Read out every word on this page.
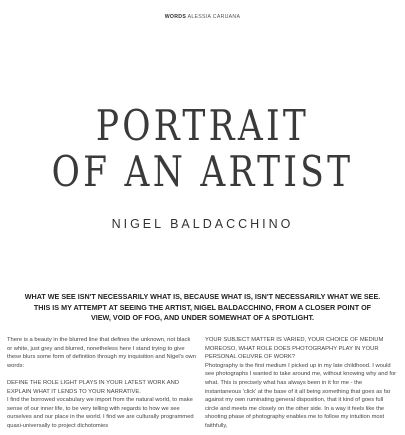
WORDS ALESSIA CARUANA
PORTRAIT
OF AN ARTIST
NIGEL BALDACCHINO
WHAT WE SEE ISN'T NECESSARILY WHAT IS, BECAUSE WHAT IS, ISN'T NECESSARILY WHAT WE SEE. THIS IS MY ATTEMPT AT SEEING THE ARTIST, NIGEL BALDACCHINO, FROM A CLOSER POINT OF VIEW, VOID OF FOG, AND UNDER SOMEWHAT OF A SPOTLIGHT.

There is a beauty in the blurred line that defines the unknown, not black or white, just grey and blurred, nonetheless here I stand trying to give these blurs some form of definition through my inquisition and Nigel's own words:

DEFINE THE ROLE LIGHT PLAYS IN YOUR LATEST WORK AND EXPLAIN WHAT IT LENDS TO YOUR NARRATIVE.
I find the borrowed vocabulary we import from the natural world, to make sense of our inner life, to be very telling with regards to how we see ourselves and our place in the world. I find we are culturally programmed quasi-universally to project dichotomies
YOUR SUBJECT MATTER IS VARIED, YOUR CHOICE OF MEDIUM MOREOSO, WHAT ROLE DOES PHOTOGRAPHY PLAY IN YOUR PERSONAL OEUVRE OF WORK?
Photography is the first medium I picked up in my late childhood. I would see photographs I wanted to take around me, without knowing why and for what. This is precisely what has always been in it for me - the instantaneous 'click' at the base of it all being something that goes as far against my own ruminating general disposition, that it kind of goes full circle and meets me closely on the other side. In a way it feels like the shooting phase of photography enables me to follow my intuition most faithfully,
